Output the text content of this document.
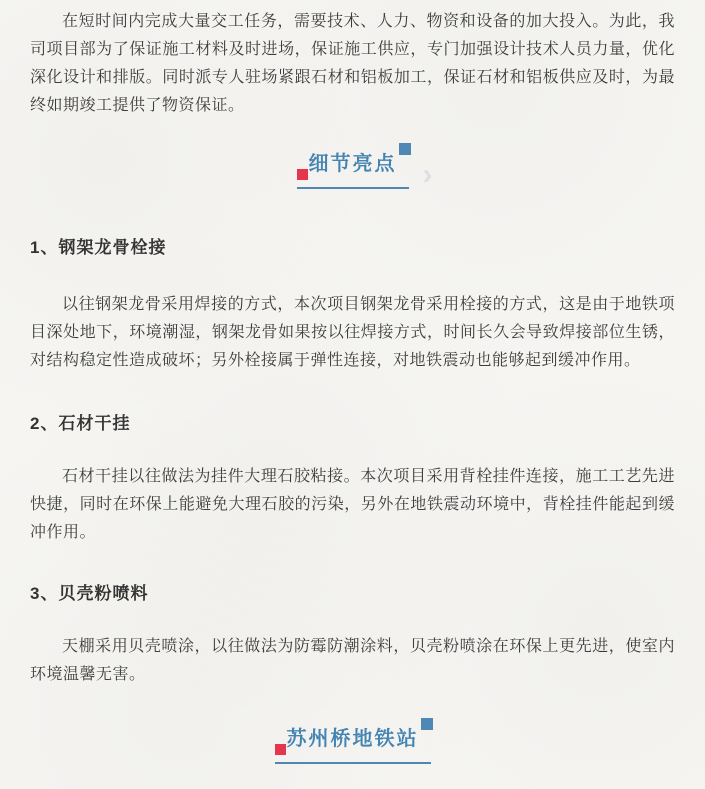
在短时间内完成大量交工任务，需要技术、人力、物资和设备的加大投入。为此，我司项目部为了保证施工材料及时进场，保证施工供应，专门加强设计技术人员力量，优化深化设计和排版。同时派专人驻场紧跟石材和铝板加工，保证石材和铝板供应及时，为最终如期竣工提供了物资保证。

细节亮点 ›
1、钢架龙骨栓接

以往钢架龙骨采用焊接的方式，本次项目钢架龙骨采用栓接的方式，这是由于地铁项目深处地下，环境潮湿，钢架龙骨如果按以往焊接方式，时间长久会导致焊接部位生锈，对结构稳定性造成破坏；另外栓接属于弹性连接，对地铁震动也能够起到缓冲作用。

2、石材干挂

石材干挂以往做法为挂件大理石胶粘接。本次项目采用背栓挂件连接，施工工艺先进快捷，同时在环保上能避免大理石胶的污染，另外在地铁震动环境中，背栓挂件能起到缓冲作用。

3、贝壳粉喷料

天棚采用贝壳喷涂，以往做法为防霉防潮涂料，贝壳粉喷涂在环保上更先进，使室内环境温馨无害。

苏州桥地铁站
